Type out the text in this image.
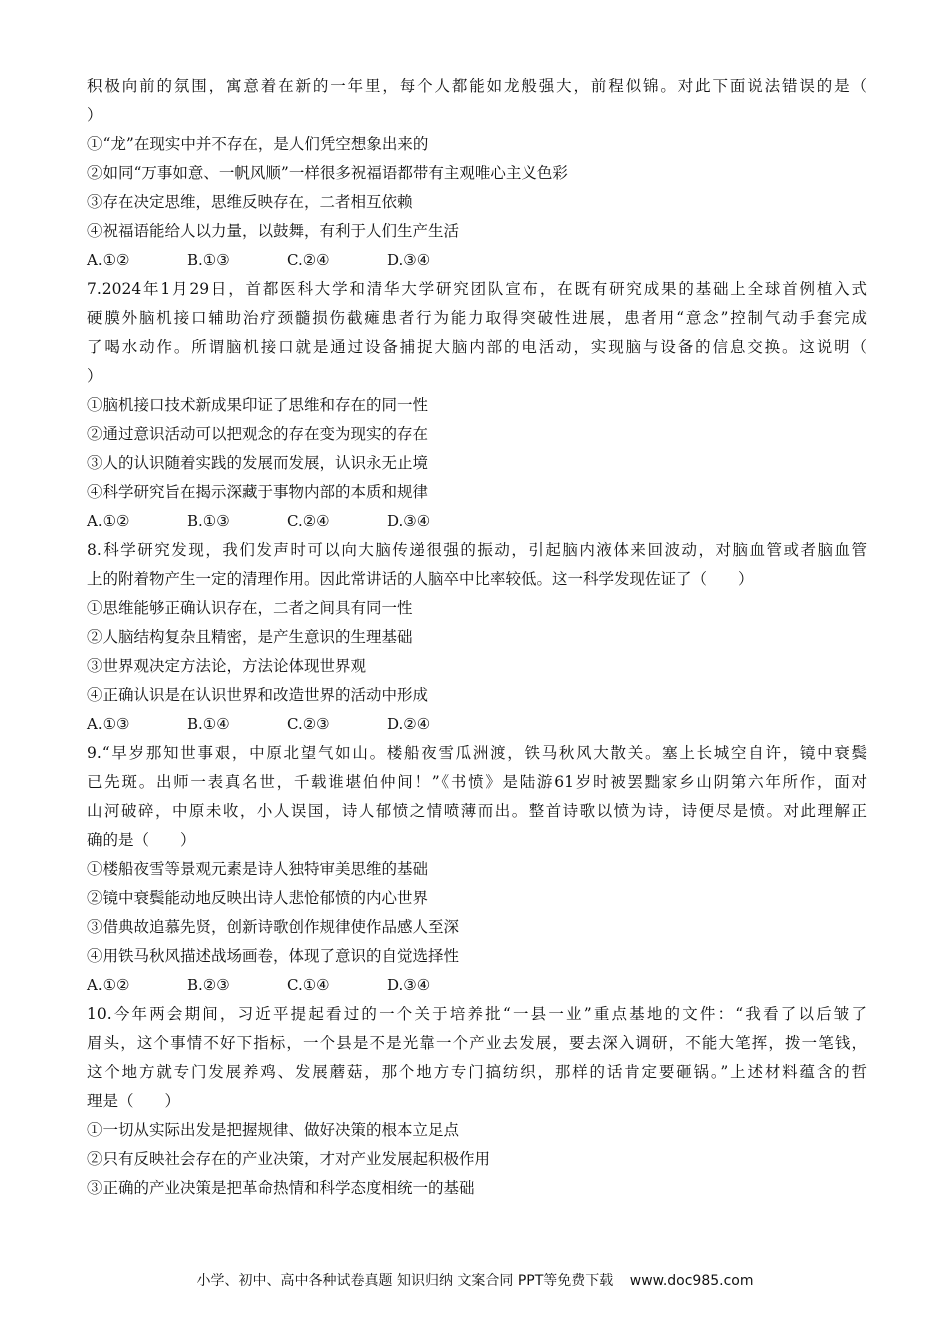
积极向前的氛围，寓意着在新的一年里，每个人都能如龙般强大，前程似锦。对此下面说法错误的是（
）
①“龙”在现实中并不存在，是人们凭空想象出来的
②如同“万事如意、一帆风顺”一样很多祝福语都带有主观唯心主义色彩
③存在决定思维，思维反映存在，二者相互依赖
④祝福语能给人以力量，以鼓舞，有利于人们生产生活
A.①②	B.①③	C.②④	D.③④
7.2024年1月29日，首都医科大学和清华大学研究团队宣布，在既有研究成果的基础上全球首例植入式
硬膜外脑机接口辅助治疗颈髓损伤截瘫患者行为能力取得突破性进展，患者用“意念”控制气动手套完成
了喝水动作。所谓脑机接口就是通过设备捕捉大脑内部的电活动，实现脑与设备的信息交换。这说明（
）
①脑机接口技术新成果印证了思维和存在的同一性
②通过意识活动可以把观念的存在变为现实的存在
③人的认识随着实践的发展而发展，认识永无止境
④科学研究旨在揭示深藏于事物内部的本质和规律
A.①②	B.①③	C.②④	D.③④
8.科学研究发现，我们发声时可以向大脑传递很强的振动，引起脑内液体来回波动，对脑血管或者脑血管
上的附着物产生一定的清理作用。因此常讲话的人脑卒中比率较低。这一科学发现佐证了（　　）
①思维能够正确认识存在，二者之间具有同一性
②人脑结构复杂且精密，是产生意识的生理基础
③世界观决定方法论，方法论体现世界观
④正确认识是在认识世界和改造世界的活动中形成
A.①③	B.①④	C.②③	D.②④
9.“早岁那知世事艰，中原北望气如山。楼船夜雪瓜洲渡，铁马秋风大散关。塞上长城空自许，镜中衰鬓
已先斑。出师一表真名世，千载谁堪伯仲间！”《书愤》是陆游61岁时被罢黜家乡山阴第六年所作，面对
山河破碎，中原未收，小人误国，诗人郁愤之情喷薄而出。整首诗歌以愤为诗，诗便尽是愤。对此理解正
确的是（　　）
①楼船夜雪等景观元素是诗人独特审美思维的基础
②镜中衰鬓能动地反映出诗人悲怆郁愤的内心世界
③借典故追慕先贤，创新诗歌创作规律使作品感人至深
④用铁马秋风描述战场画卷，体现了意识的自觉选择性
A.①②	B.②③	C.①④	D.③④
10.今年两会期间，习近平提起看过的一个关于培养批“一县一业”重点基地的文件：“我看了以后皱了
眉头，这个事情不好下指标，一个县是不是光靠一个产业去发展，要去深入调研，不能大笔挥，拨一笔钱，
这个地方就专门发展养鸡、发展蘑菇，那个地方专门搞纺织，那样的话肯定要砸锅。”上述材料蕴含的哲
理是（　　）
①一切从实际出发是把握规律、做好决策的根本立足点
②只有反映社会存在的产业决策，才对产业发展起积极作用
③正确的产业决策是把革命热情和科学态度相统一的基础
小学、初中、高中各种试卷真题 知识归纳 文案合同 PPT等免费下载 www.doc985.com
